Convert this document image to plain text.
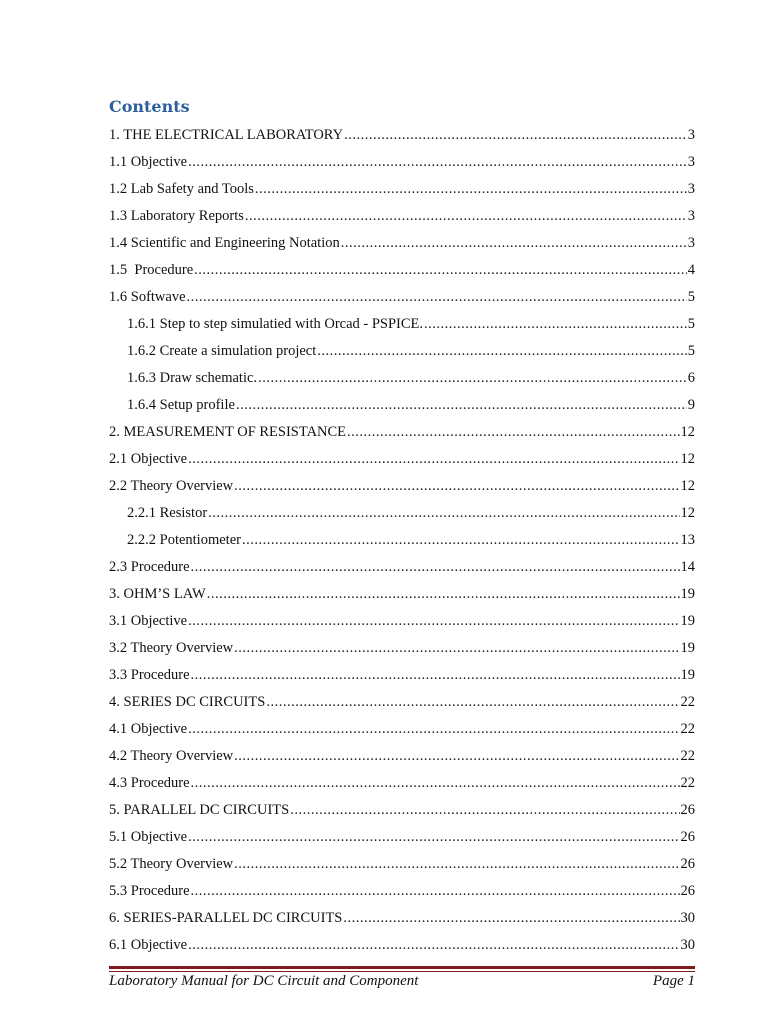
Contents
1. THE ELECTRICAL LABORATORY .....	3
1.1 Objective .....	3
1.2 Lab Safety and Tools .....	3
1.3 Laboratory Reports .....	3
1.4 Scientific and Engineering Notation .....	3
1.5  Procedure .....	4
1.6 Softwave .....	5
1.6.1 Step to step simulatied with Orcad - PSPICE. .....	5
1.6.2 Create a simulation project .....	5
1.6.3 Draw schematic. .....	6
1.6.4 Setup profile .....	9
2. MEASUREMENT OF RESISTANCE .....	12
2.1 Objective .....	12
2.2 Theory Overview .....	12
2.2.1 Resistor .....	12
2.2.2 Potentiometer .....	13
2.3 Procedure .....	14
3. OHM’S LAW .....	19
3.1 Objective .....	19
3.2 Theory Overview .....	19
3.3 Procedure .....	19
4. SERIES DC CIRCUITS .....	22
4.1 Objective .....	22
4.2 Theory Overview .....	22
4.3 Procedure .....	22
5. PARALLEL DC CIRCUITS .....	26
5.1 Objective .....	26
5.2 Theory Overview .....	26
5.3 Procedure .....	26
6. SERIES-PARALLEL DC CIRCUITS .....	30
6.1 Objective .....	30
Laboratory Manual for DC Circuit and Component	Page 1
